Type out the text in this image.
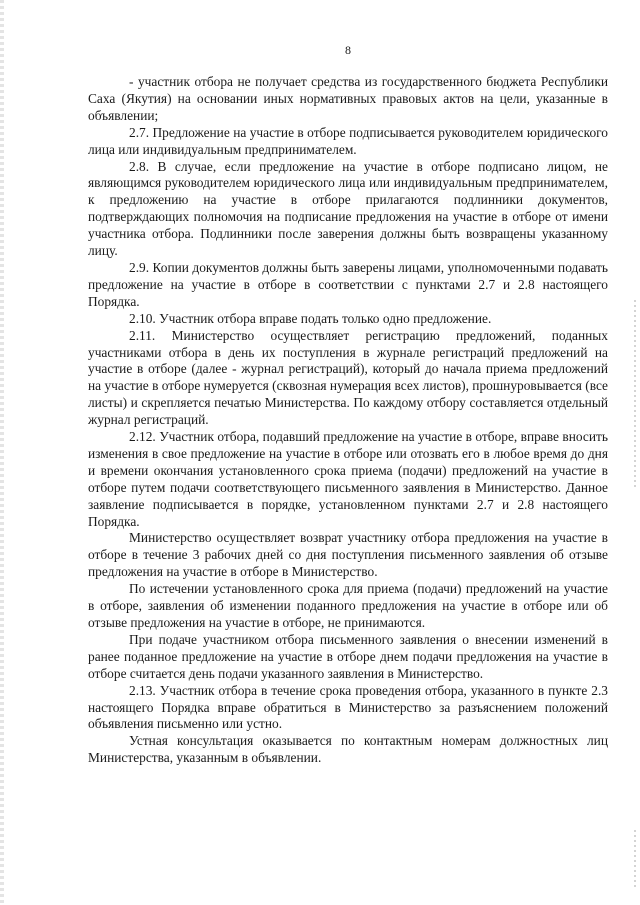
8

- участник отбора не получает средства из государственного бюджета Республики Саха (Якутия) на основании иных нормативных правовых актов на цели, указанные в объявлении;

2.7. Предложение на участие в отборе подписывается руководителем юридического лица или индивидуальным предпринимателем.

2.8. В случае, если предложение на участие в отборе подписано лицом, не являющимся руководителем юридического лица или индивидуальным предпринимателем, к предложению на участие в отборе прилагаются подлинники документов, подтверждающих полномочия на подписание предложения на участие в отборе от имени участника отбора. Подлинники после заверения должны быть возвращены указанному лицу.

2.9. Копии документов должны быть заверены лицами, уполномоченными подавать предложение на участие в отборе в соответствии с пунктами 2.7 и 2.8 настоящего Порядка.

2.10. Участник отбора вправе подать только одно предложение.

2.11. Министерство осуществляет регистрацию предложений, поданных участниками отбора в день их поступления в журнале регистраций предложений на участие в отборе (далее - журнал регистраций), который до начала приема предложений на участие в отборе нумеруется (сквозная нумерация всех листов), прошнуровывается (все листы) и скрепляется печатью Министерства. По каждому отбору составляется отдельный журнал регистраций.

2.12. Участник отбора, подавший предложение на участие в отборе, вправе вносить изменения в свое предложение на участие в отборе или отозвать его в любое время до дня и времени окончания установленного срока приема (подачи) предложений на участие в отборе путем подачи соответствующего письменного заявления в Министерство. Данное заявление подписывается в порядке, установленном пунктами 2.7 и 2.8 настоящего Порядка.

Министерство осуществляет возврат участнику отбора предложения на участие в отборе в течение 3 рабочих дней со дня поступления письменного заявления об отзыве предложения на участие в отборе в Министерство.

По истечении установленного срока для приема (подачи) предложений на участие в отборе, заявления об изменении поданного предложения на участие в отборе или об отзыве предложения на участие в отборе, не принимаются.

При подаче участником отбора письменного заявления о внесении изменений в ранее поданное предложение на участие в отборе днем подачи предложения на участие в отборе считается день подачи указанного заявления в Министерство.

2.13. Участник отбора в течение срока проведения отбора, указанного в пункте 2.3 настоящего Порядка вправе обратиться в Министерство за разъяснением положений объявления письменно или устно.

Устная консультация оказывается по контактным номерам должностных лиц Министерства, указанным в объявлении.
